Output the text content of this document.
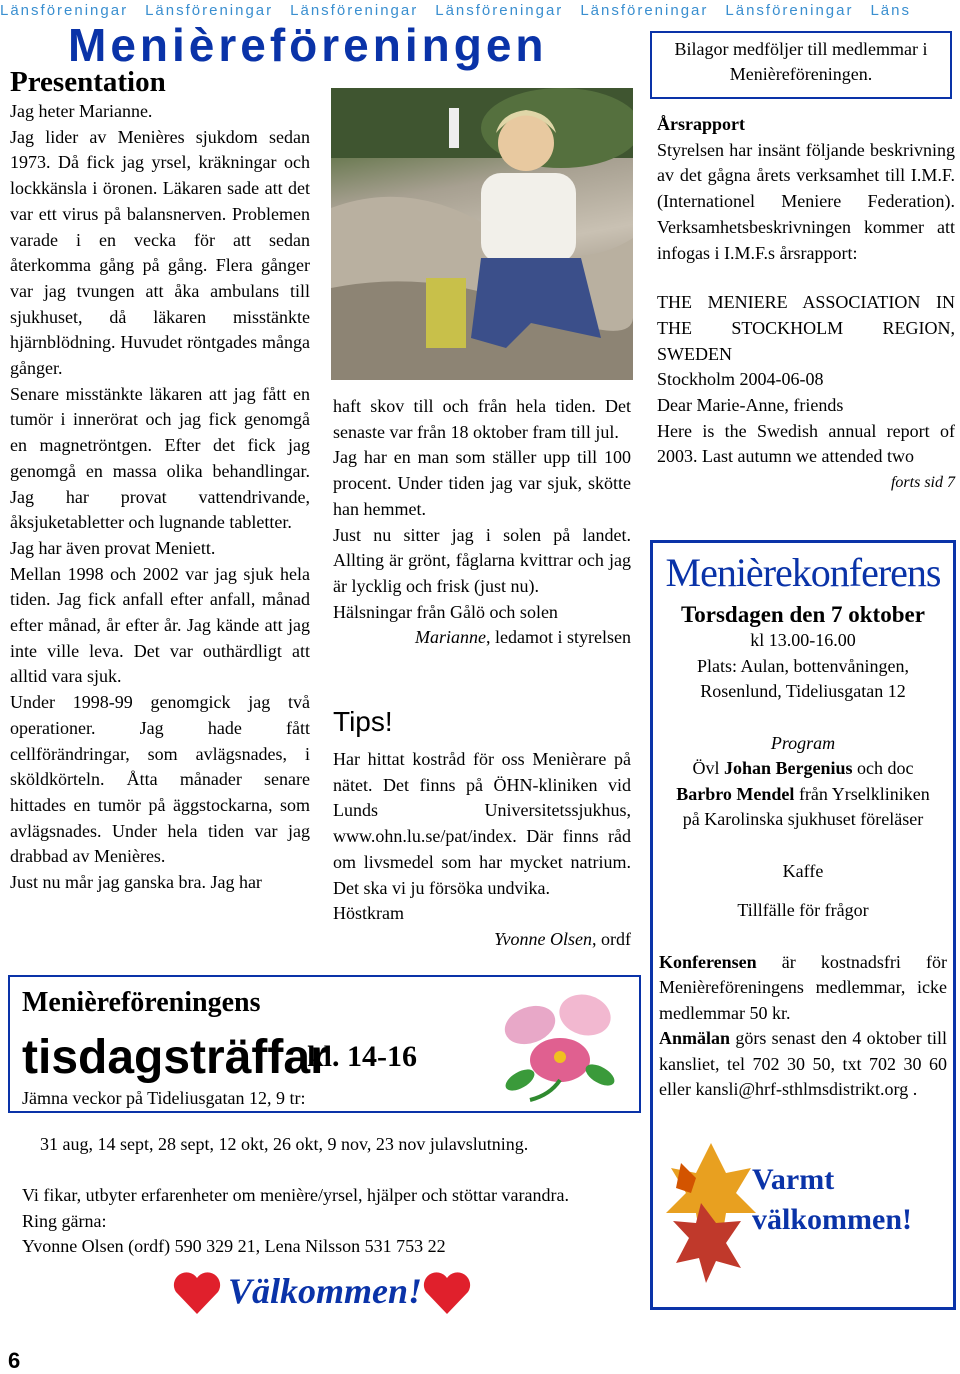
Länsföreningar Länsföreningar Länsföreningar Länsföreningar Länsföreningar Länsföreningar Läns
Menièreföreningen
Presentation

Jag heter Marianne.

Jag lider av Menières sjukdom sedan 1973. Då fick jag yrsel, kräkningar och lockkänsla i öronen. Läkaren sade att det var ett virus på balansnerven. Problemen varade i en vecka för att sedan återkomma gång på gång. Flera gånger var jag tvungen att åka ambulans till sjukhuset, då läkaren misstänkte hjärnblödning. Huvudet röntgades många gånger.

Senare misstänkte läkaren att jag fått en tumör i innerörat och jag fick genomgå en magnetröntgen. Efter det fick jag genomgå en massa olika behandlingar. Jag har provat vattendrivande, åksjuketabletter och lugnande tabletter.

Jag har även provat Meniett.

Mellan 1998 och 2002 var jag sjuk hela tiden. Jag fick anfall efter anfall, månad efter månad, år efter år. Jag kände att jag inte ville leva. Det var outhärdligt att alltid vara sjuk.

Under 1998-99 genomgick jag två operationer. Jag hade fått cellförändringar, som avlägsnades, i sköldkörteln. Åtta månader senare hittades en tumör på äggstockarna, som avlägsnades. Under hela tiden var jag drabbad av Menières.

Just nu mår jag ganska bra. Jag har

haft skov till och från hela tiden. Det senaste var från 18 oktober fram till jul.

Jag har en man som ställer upp till 100 procent. Under tiden jag var sjuk, skötte han hemmet.

Just nu sitter jag i solen på landet. Allting är grönt, fåglarna kvittrar och jag är lycklig och frisk (just nu).

Hälsningar från Gålö och solen

Marianne, ledamot i styrelsen

Tips!

Har hittat kostråd för oss Menièrare på nätet. Det finns på ÖHN-kliniken vid Lunds Universitetssjukhus, www.ohn.lu.se/pat/index. Där finns råd om livsmedel som har mycket natrium. Det ska vi ju försöka undvika.

Höstkram

Yvonne Olsen, ordf

Bilagor medföljer till medlemmar i Menièreföreningen.

Årsrapport

Styrelsen har insänt följande beskrivning av det gågna årets verksamhet till I.M.F. (Internationel Meniere Federation). Verksamhetsbeskrivningen kommer att infogas i I.M.F.s årsrapport:

THE MENIERE ASSOCIATION IN THE STOCKHOLM REGION, SWEDEN

Stockholm 2004-06-08

Dear Marie-Anne, friends

Here is the Swedish annual report of 2003. Last autumn we attended two

forts sid 7

Menièrekonferens
Torsdagen den 7 oktober
kl 13.00-16.00
Plats: Aulan, bottenvåningen,
Rosenlund, Tideliusgatan 12
Program
Övl Johan Bergenius och doc
Barbro Mendel från Yrselkliniken
på Karolinska sjukhuset föreläser
Kaffe
Tillfälle för frågor
Konferensen är kostnadsfri för Menièreföreningens medlemmar, icke medlemmar 50 kr.
Anmälan görs senast den 4 oktober till kansliet, tel 702 30 50, txt 702 30 60 eller kansli@hrf-sthlmsdistrikt.org .
Varmt
välkommen!
Menièreföreningens
tisdagsträffar
kl. 14-16
Jämna veckor på Tideliusgatan 12, 9 tr:
31 aug, 14 sept, 28 sept, 12 okt, 26 okt, 9 nov, 23 nov julavslutning.
Vi fikar, utbyter erfarenheter om menière/yrsel, hjälper och stöttar varandra.
Ring gärna:
Yvonne Olsen (ordf) 590 329 21, Lena Nilsson 531 753 22
Välkommen!
6
